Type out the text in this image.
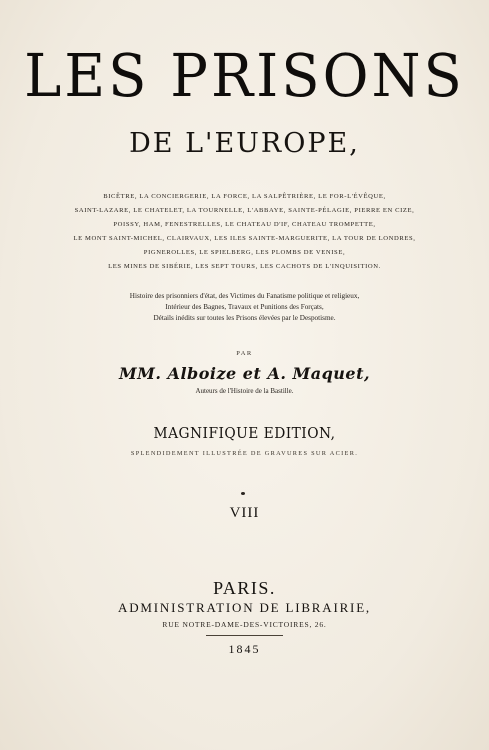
LES PRISONS
DE L'EUROPE,
BICÊTRE, LA CONCIERGERIE, LA FORCE, LA SALPÊTRIÈRE, LE FOR-L'ÉVÊQUE,
SAINT-LAZARE, LE CHATELET, LA TOURNELLE, L'ABBAYE, SAINTE-PÉLAGIE, PIERRE EN CIZE,
POISSY, HAM, FENESTRELLES, LE CHATEAU D'IF, CHATEAU TROMPETTE,
LE MONT SAINT-MICHEL, CLAIRVAUX, LES ILES SAINTE-MARGUERITE, LA TOUR DE LONDRES,
PIGNEROLLES, LE SPIELBERG, LES PLOMBS DE VENISE,
LES MINES DE SIBÉRIE, LES SEPT TOURS, LES CACHOTS DE L'INQUISITION.
Histoire des prisonniers d'état, des Victimes du Fanatisme politique et religieux,
Intérieur des Bagnes, Travaux et Punitions des Forçats,
Détails inédits sur toutes les Prisons élevées par le Despotisme.
PAR
MM. Alboize et A. Maquet,
Auteurs de l'Histoire de la Bastille.
MAGNIFIQUE EDITION,
SPLENDIDEMENT ILLUSTRÉE DE GRAVURES SUR ACIER.
VIII
PARIS.
ADMINISTRATION DE LIBRAIRIE,
RUE NOTRE-DAME-DES-VICTOIRES, 26.
1845
